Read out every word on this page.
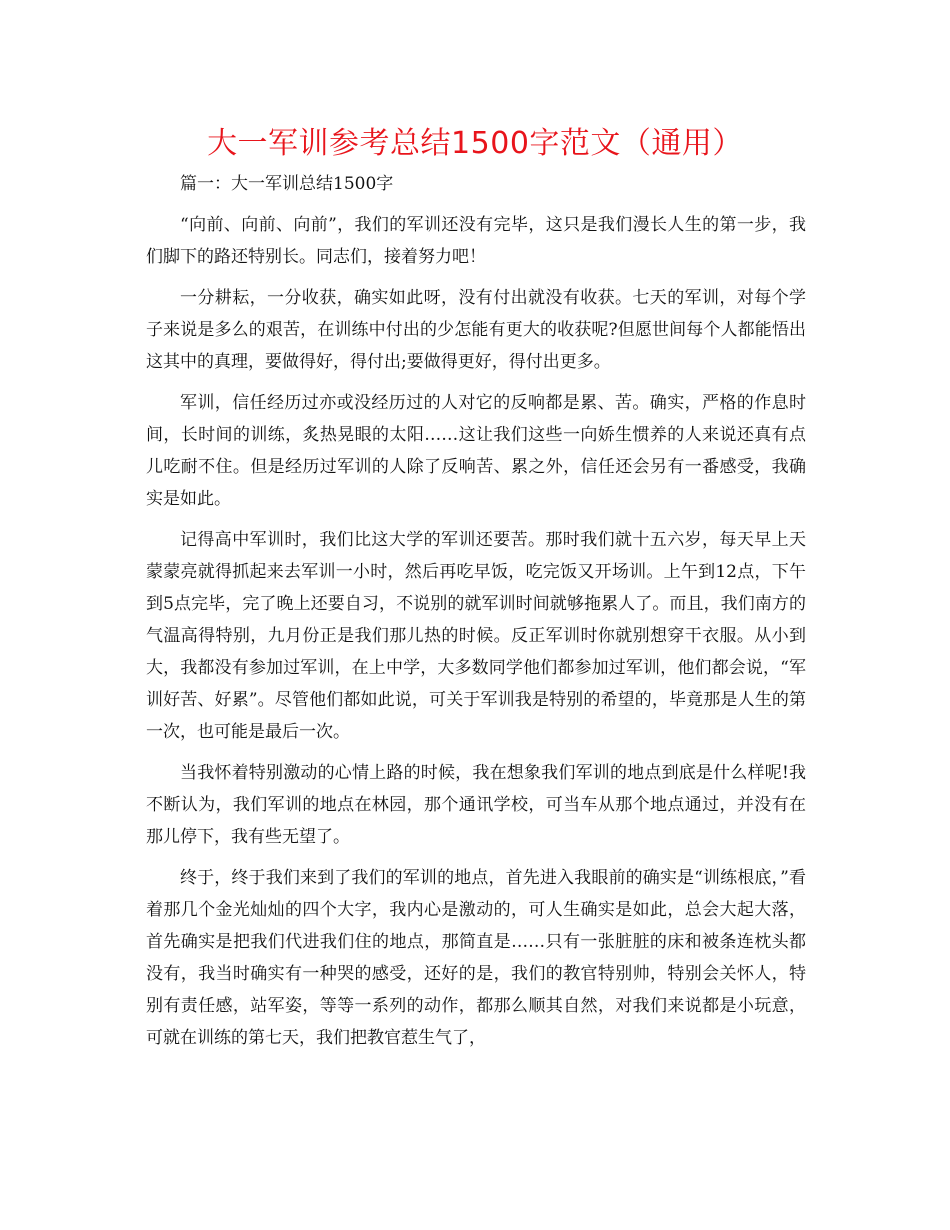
大一军训参考总结1500字范文（通用）

篇一：大一军训总结1500字

“向前、向前、向前”，我们的军训还没有完毕，这只是我们漫长人生的第一步，我们脚下的路还特别长。同志们，接着努力吧！

一分耕耘，一分收获，确实如此呀，没有付出就没有收获。七天的军训，对每个学子来说是多么的艰苦，在训练中付出的少怎能有更大的收获呢?但愿世间每个人都能悟出这其中的真理，要做得好，得付出;要做得更好，得付出更多。

军训，信任经历过亦或没经历过的人对它的反响都是累、苦。确实，严格的作息时间，长时间的训练，炙热晃眼的太阳……这让我们这些一向娇生惯养的人来说还真有点儿吃耐不住。但是经历过军训的人除了反响苦、累之外，信任还会另有一番感受，我确实是如此。

记得高中军训时，我们比这大学的军训还要苦。那时我们就十五六岁，每天早上天蒙蒙亮就得抓起来去军训一小时，然后再吃早饭，吃完饭又开场训。上午到12点，下午到5点完毕，完了晚上还要自习，不说别的就军训时间就够拖累人了。而且，我们南方的气温高得特别，九月份正是我们那儿热的时候。反正军训时你就别想穿干衣服。从小到大，我都没有参加过军训，在上中学，大多数同学他们都参加过军训，他们都会说，“军训好苦、好累”。尽管他们都如此说，可关于军训我是特别的希望的，毕竟那是人生的第一次，也可能是最后一次。

当我怀着特别激动的心情上路的时候，我在想象我们军训的地点到底是什么样呢!我不断认为，我们军训的地点在林园，那个通讯学校，可当车从那个地点通过，并没有在那儿停下，我有些无望了。

终于，终于我们来到了我们的军训的地点，首先进入我眼前的确实是“训练根底，”看着那几个金光灿灿的四个大字，我内心是激动的，可人生确实是如此，总会大起大落，首先确实是把我们代进我们住的地点，那简直是……只有一张脏脏的床和被条连枕头都没有，我当时确实有一种哭的感受，还好的是，我们的教官特别帅，特别会关怀人，特别有责任感，站军姿，等等一系列的动作，都那么顺其自然，对我们来说都是小玩意，可就在训练的第七天，我们把教官惹生气了，
